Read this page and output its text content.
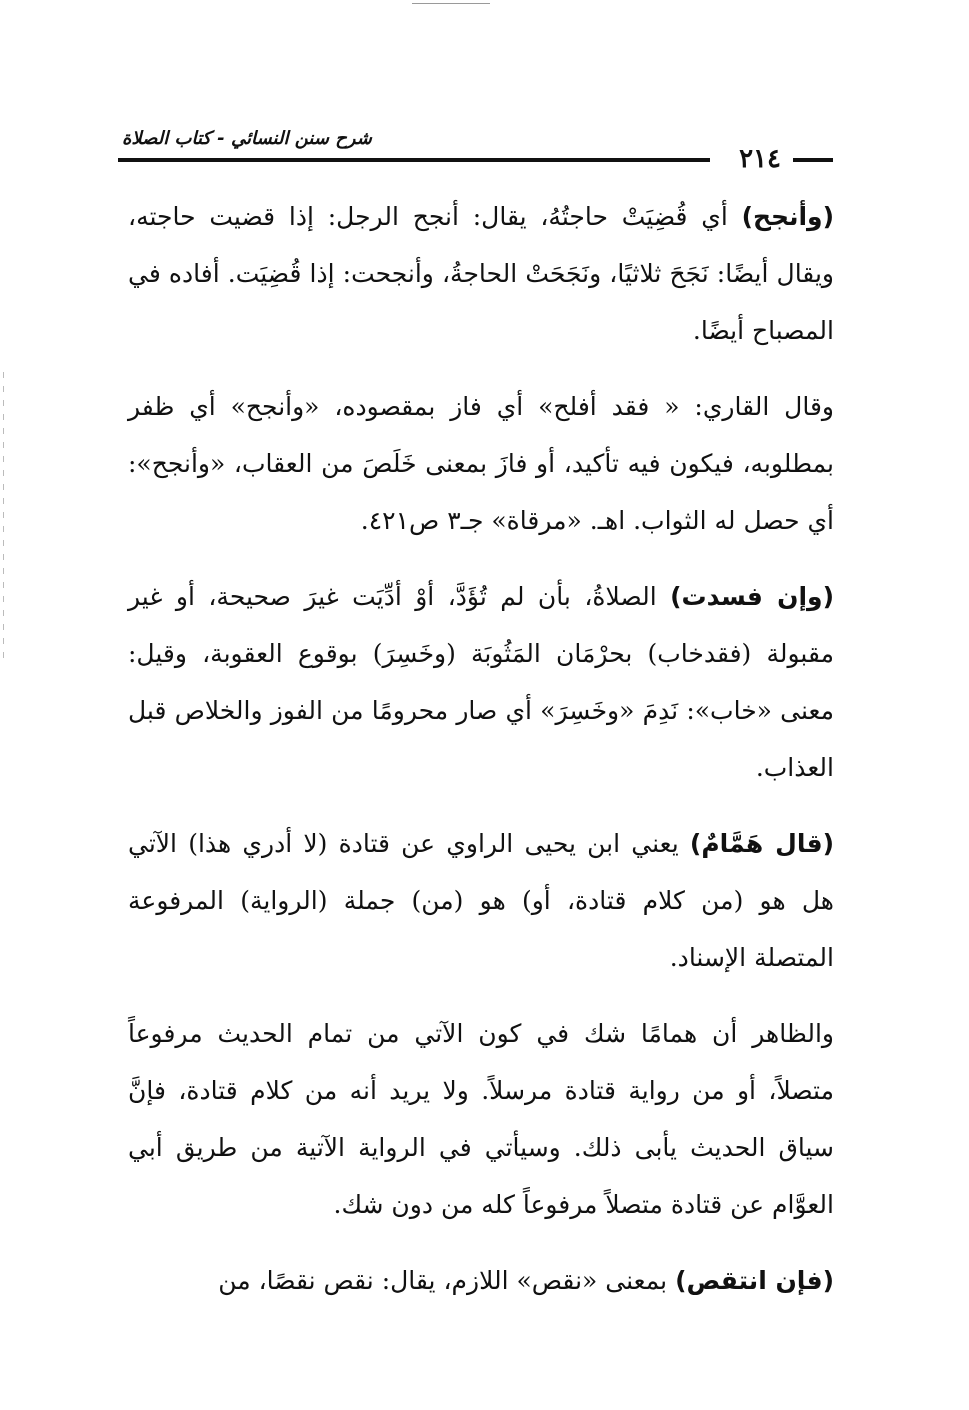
شرح سنن النسائي - كتاب الصلاة
٢١٤

(وأنجح) أي قُضِيَتْ حاجتُهُ، يقال: أنجح الرجل: إذا قضيت حاجته، ويقال أيضًا: نَجَحَ ثلاثيًا، ونَجَحَتْ الحاجةُ، وأنجحت: إذا قُضِيَت. أفاده في المصباح أيضًا.

وقال القاري: « فقد أفلح» أي فاز بمقصوده، «وأنجح» أي ظفر بمطلوبه، فيكون فيه تأكيد، أو فازَ بمعنى خَلَصَ من العقاب، «وأنجح»: أي حصل له الثواب. اهـ. «مرقاة» جـ٣ ص٤٢١.

(وإن فسدت) الصلاةُ، بأن لم تُؤَدَّ، أوْ أدِّيَت غيرَ صحيحة، أو غير مقبولة (فقدخاب) بحرْمَان المَثُوبَة (وخَسِرَ) بوقوع العقوبة، وقيل: معنى «خاب»: نَدِمَ «وخَسِرَ» أي صار محرومًا من الفوز والخلاص قبل العذاب.

(قال هَمَّامٌ) يعني ابن يحيى الراوي عن قتادة (لا أدري هذا) الآتي هل هو (من كلام قتادة، أو) هو (من) جملة (الرواية) المرفوعة المتصلة الإسناد.

والظاهر أن همامًا شك في كون الآتي من تمام الحديث مرفوعاً متصلاً، أو من رواية قتادة مرسلاً. ولا يريد أنه من كلام قتادة، فإنَّ سياق الحديث يأبى ذلك. وسيأتي في الرواية الآتية من طريق أبي العوَّام عن قتادة متصلاً مرفوعاً كله من دون شك.

(فإن انتقص) بمعنى «نقص» اللازم، يقال: نقص نقصًا، من
